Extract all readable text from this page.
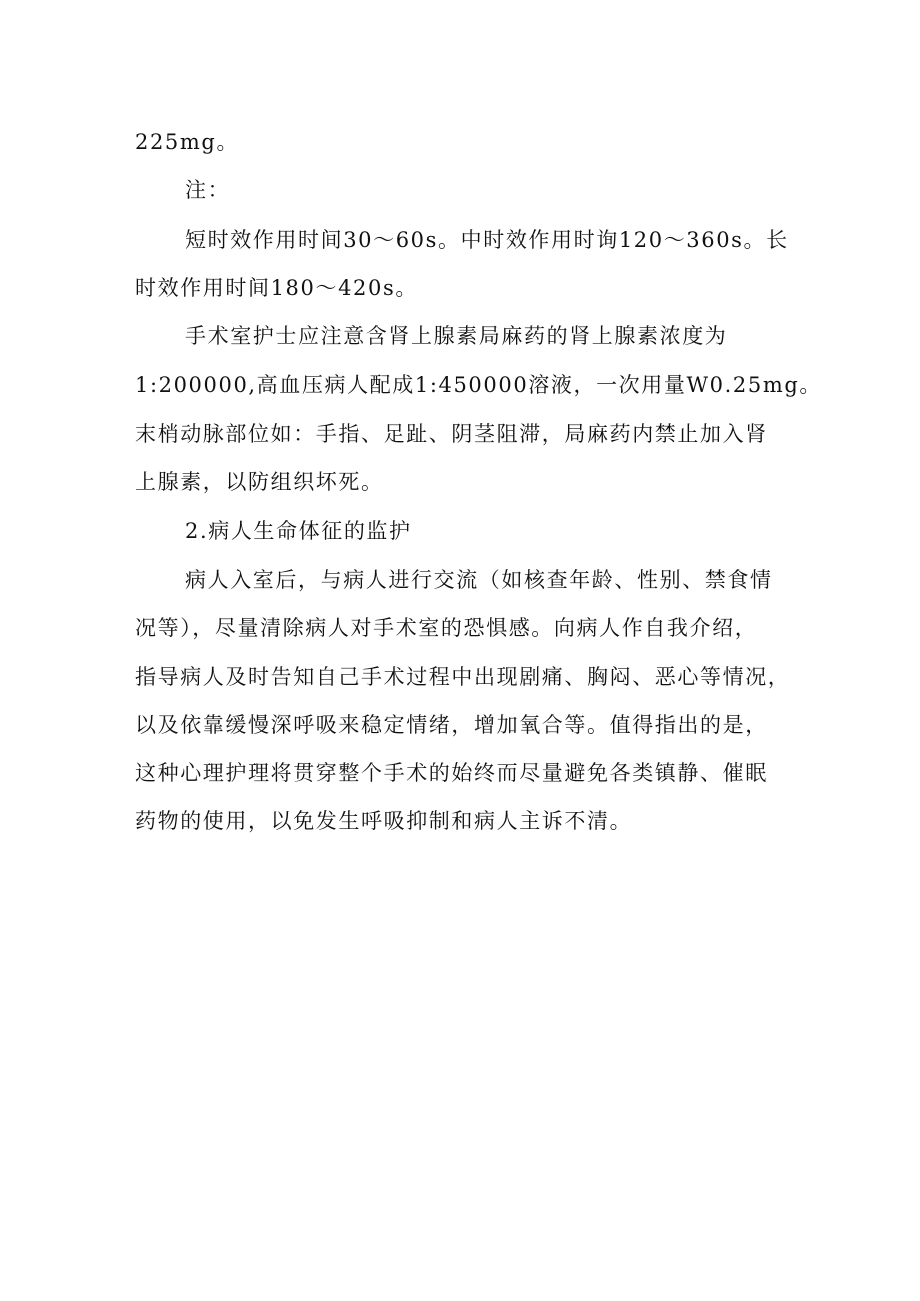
225mg。
注：
短时效作用时间30～60s。中时效作用时询120～360s。长
时效作用时间180～420s。
手术室护士应注意含肾上腺素局麻药的肾上腺素浓度为
1:200000,高血压病人配成1:450000溶液，一次用量W0.25mg。
末梢动脉部位如：手指、足趾、阴茎阻滞，局麻药内禁止加入肾
上腺素，以防组织坏死。
2.病人生命体征的监护
病人入室后，与病人进行交流（如核查年龄、性别、禁食情
况等），尽量清除病人对手术室的恐惧感。向病人作自我介绍，
指导病人及时告知自己手术过程中出现剧痛、胸闷、恶心等情况，
以及依靠缓慢深呼吸来稳定情绪，增加氧合等。值得指出的是，
这种心理护理将贯穿整个手术的始终而尽量避免各类镇静、催眠
药物的使用，以免发生呼吸抑制和病人主诉不清。
